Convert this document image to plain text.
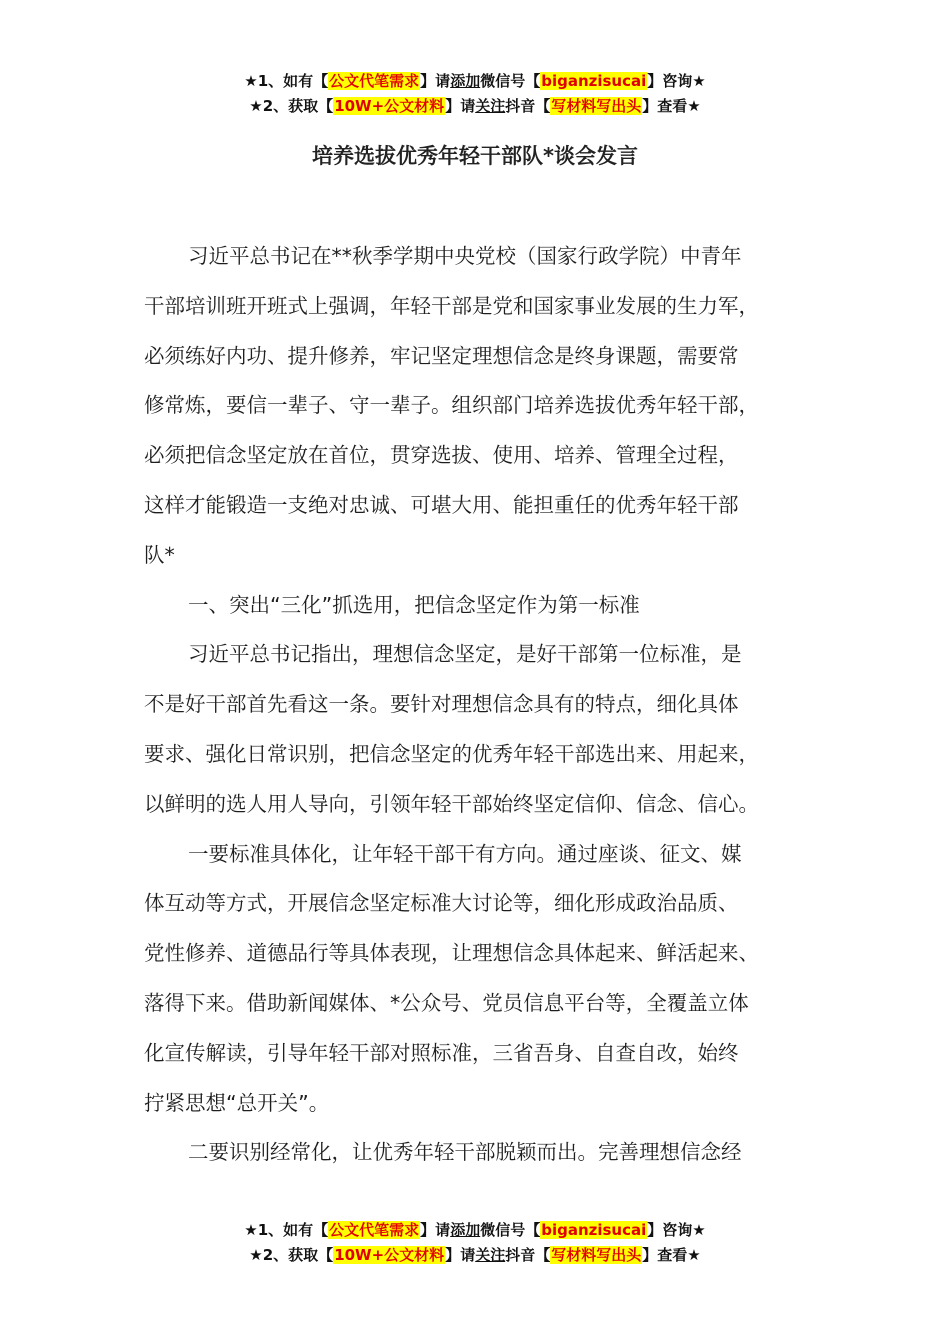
★1、如有【公文代笔需求】请添加微信号【biganzisucai】咨询★
★2、获取【10W+公文材料】请关注抖音【写材料写出头】查看★
培养选拔优秀年轻干部队*谈会发言
习近平总书记在**秋季学期中央党校（国家行政学院）中青年
干部培训班开班式上强调，年轻干部是党和国家事业发展的生力军，
必须练好内功、提升修养，牢记坚定理想信念是终身课题，需要常
修常炼，要信一辈子、守一辈子。组织部门培养选拔优秀年轻干部，
必须把信念坚定放在首位，贯穿选拔、使用、培养、管理全过程，
这样才能锻造一支绝对忠诚、可堪大用、能担重任的优秀年轻干部
队*
一、突出“三化”抓选用，把信念坚定作为第一标准
习近平总书记指出，理想信念坚定，是好干部第一位标准，是
不是好干部首先看这一条。要针对理想信念具有的特点，细化具体
要求、强化日常识别，把信念坚定的优秀年轻干部选出来、用起来，
以鲜明的选人用人导向，引领年轻干部始终坚定信仰、信念、信心。
一要标准具体化，让年轻干部干有方向。通过座谈、征文、媒
体互动等方式，开展信念坚定标准大讨论等，细化形成政治品质、
党性修养、道德品行等具体表现，让理想信念具体起来、鲜活起来、
落得下来。借助新闻媒体、*公众号、党员信息平台等，全覆盖立体
化宣传解读，引导年轻干部对照标准，三省吾身、自查自改，始终
拧紧思想“总开关”。
二要识别经常化，让优秀年轻干部脱颖而出。完善理想信念经
★1、如有【公文代笔需求】请添加微信号【biganzisucai】咨询★
★2、获取【10W+公文材料】请关注抖音【写材料写出头】查看★
